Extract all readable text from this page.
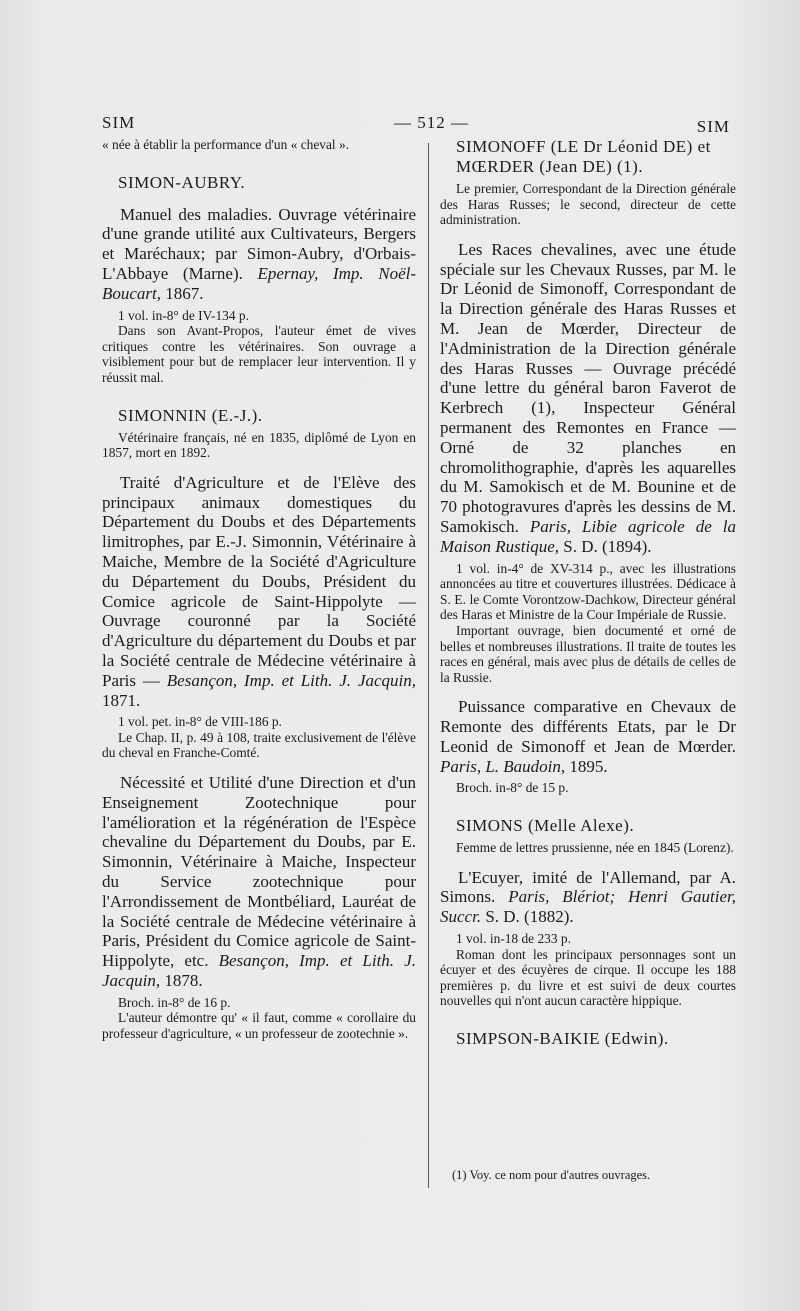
SIM	— 512 —	SIM
« née à établir la performance d'un « cheval ».
SIMON-AUBRY.
Manuel des maladies. Ouvrage vétérinaire d'une grande utilité aux Cultivateurs, Bergers et Maréchaux; par Simon-Aubry, d'Orbais-L'Abbaye (Marne). Epernay, Imp. Noël-Boucart, 1867.
1 vol. in-8° de IV-134 p.
Dans son Avant-Propos, l'auteur émet de vives critiques contre les vétérinaires. Son ouvrage a visiblement pour but de remplacer leur intervention. Il y réussit mal.
SIMONNIN (E.-J.).
Vétérinaire français, né en 1835, diplômé de Lyon en 1857, mort en 1892.
Traité d'Agriculture et de l'Elève des principaux animaux domestiques du Département du Doubs et des Départements limitrophes, par E.-J. Simonnin, Vétérinaire à Maiche, Membre de la Société d'Agriculture du Département du Doubs, Président du Comice agricole de Saint-Hippolyte — Ouvrage couronné par la Société d'Agriculture du département du Doubs et par la Société centrale de Médecine vétérinaire à Paris — Besançon, Imp. et Lith. J. Jacquin, 1871.
1 vol. pet. in-8° de VIII-186 p.
Le Chap. II, p. 49 à 108, traite exclusivement de l'élève du cheval en Franche-Comté.
Nécessité et Utilité d'une Direction et d'un Enseignement Zootechnique pour l'amélioration et la régénération de l'Espèce chevaline du Département du Doubs, par E. Simonnin, Vétérinaire à Maiche, Inspecteur du Service zootechnique pour l'Arrondissement de Montbéliard, Lauréat de la Société centrale de Médecine vétérinaire à Paris, Président du Comice agricole de Saint-Hippolyte, etc. Besançon, Imp. et Lith. J. Jacquin, 1878.
Broch. in-8° de 16 p.
L'auteur démontre qu' « il faut, comme « corollaire du professeur d'agriculture, « un professeur de zootechnie ».
SIMONOFF (LE Dr Léonid DE) et MŒRDER (Jean DE) (1).
Le premier, Correspondant de la Direction générale des Haras Russes; le second, directeur de cette administration.
Les Races chevalines, avec une étude spéciale sur les Chevaux Russes, par M. le Dr Léonid de Simonoff, Correspondant de la Direction générale des Haras Russes et M. Jean de Mœrder, Directeur de l'Administration de la Direction générale des Haras Russes — Ouvrage précédé d'une lettre du général baron Faverot de Kerbrech (1), Inspecteur Général permanent des Remontes en France — Orné de 32 planches en chromolithographie, d'après les aquarelles du M. Samokisch et de M. Bounine et de 70 photogravures d'après les dessins de M. Samokisch. Paris, Libie agricole de la Maison Rustique, S. D. (1894).
1 vol. in-4° de XV-314 p., avec les illustrations annoncées au titre et couvertures illustrées. Dédicace à S. E. le Comte Vorontzow-Dachkow, Directeur général des Haras et Ministre de la Cour Impériale de Russie.
Important ouvrage, bien documenté et orné de belles et nombreuses illustrations. Il traite de toutes les races en général, mais avec plus de détails de celles de la Russie.
Puissance comparative en Chevaux de Remonte des différents Etats, par le Dr Leonid de Simonoff et Jean de Mœrder. Paris, L. Baudoin, 1895.
Broch. in-8° de 15 p.
SIMONS (Melle Alexe).
Femme de lettres prussienne, née en 1845 (Lorenz).
L'Ecuyer, imité de l'Allemand, par A. Simons. Paris, Blériot; Henri Gautier, Succr. S. D. (1882).
1 vol. in-18 de 233 p.
Roman dont les principaux personnages sont un écuyer et des écuyères de cirque. Il occupe les 188 premières p. du livre et est suivi de deux courtes nouvelles qui n'ont aucun caractère hippique.
SIMPSON-BAIKIE (Edwin).
(1) Voy. ce nom pour d'autres ouvrages.
